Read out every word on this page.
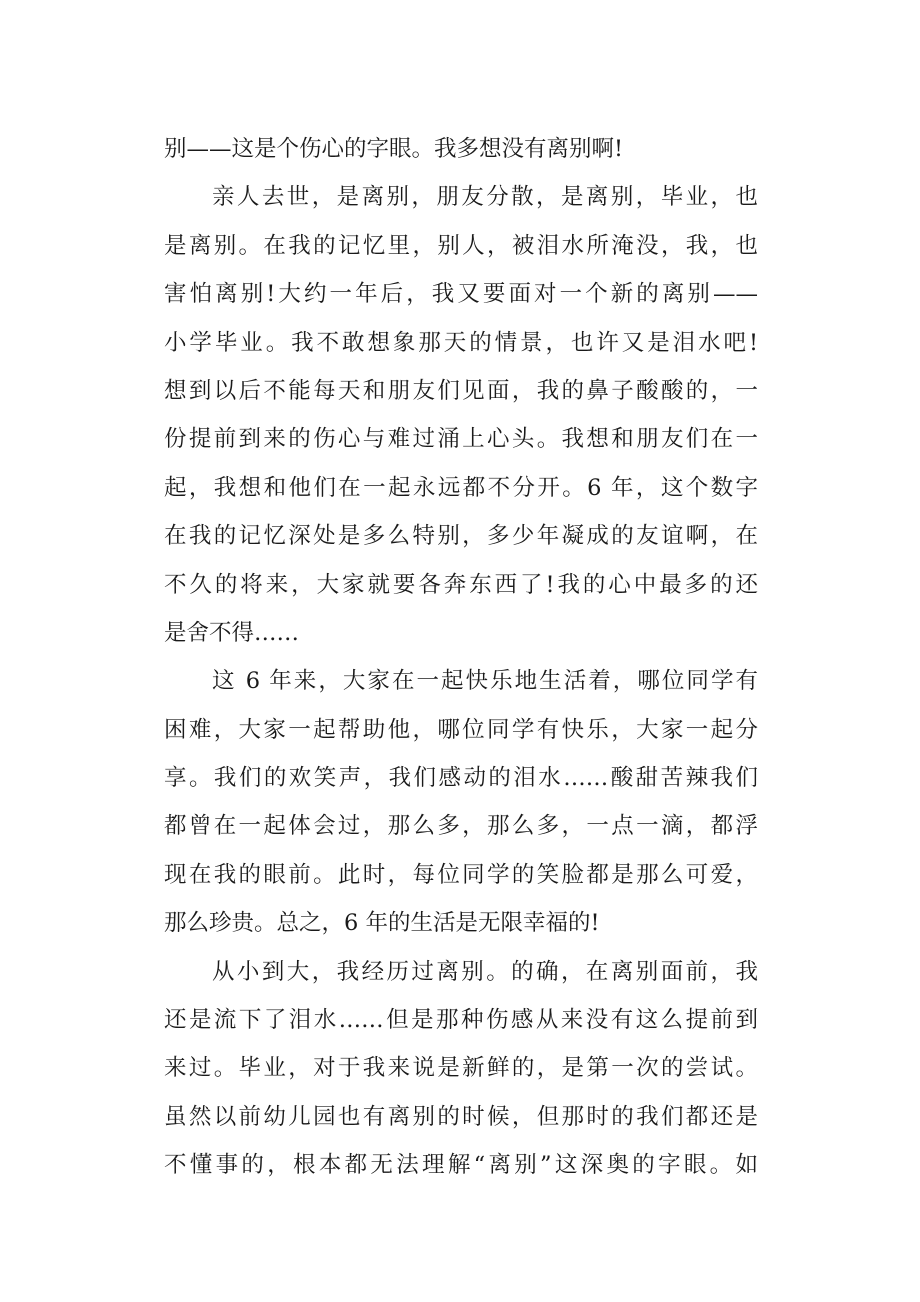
别——这是个伤心的字眼。我多想没有离别啊!
亲人去世，是离别，朋友分散，是离别，毕业，也
是离别。在我的记忆里，别人，被泪水所淹没，我，也
害怕离别!大约一年后，我又要面对一个新的离别——
小学毕业。我不敢想象那天的情景，也许又是泪水吧!
想到以后不能每天和朋友们见面，我的鼻子酸酸的，一
份提前到来的伤心与难过涌上心头。我想和朋友们在一
起，我想和他们在一起永远都不分开。6 年，这个数字
在我的记忆深处是多么特别，多少年凝成的友谊啊，在
不久的将来，大家就要各奔东西了!我的心中最多的还
是舍不得……
这 6 年来，大家在一起快乐地生活着，哪位同学有
困难，大家一起帮助他，哪位同学有快乐，大家一起分
享。我们的欢笑声，我们感动的泪水……酸甜苦辣我们
都曾在一起体会过，那么多，那么多，一点一滴，都浮
现在我的眼前。此时，每位同学的笑脸都是那么可爱，
那么珍贵。总之，6 年的生活是无限幸福的!
从小到大，我经历过离别。的确，在离别面前，我
还是流下了泪水……但是那种伤感从来没有这么提前到
来过。毕业，对于我来说是新鲜的，是第一次的尝试。
虽然以前幼儿园也有离别的时候，但那时的我们都还是
不懂事的，根本都无法理解“离别”这深奥的字眼。如
